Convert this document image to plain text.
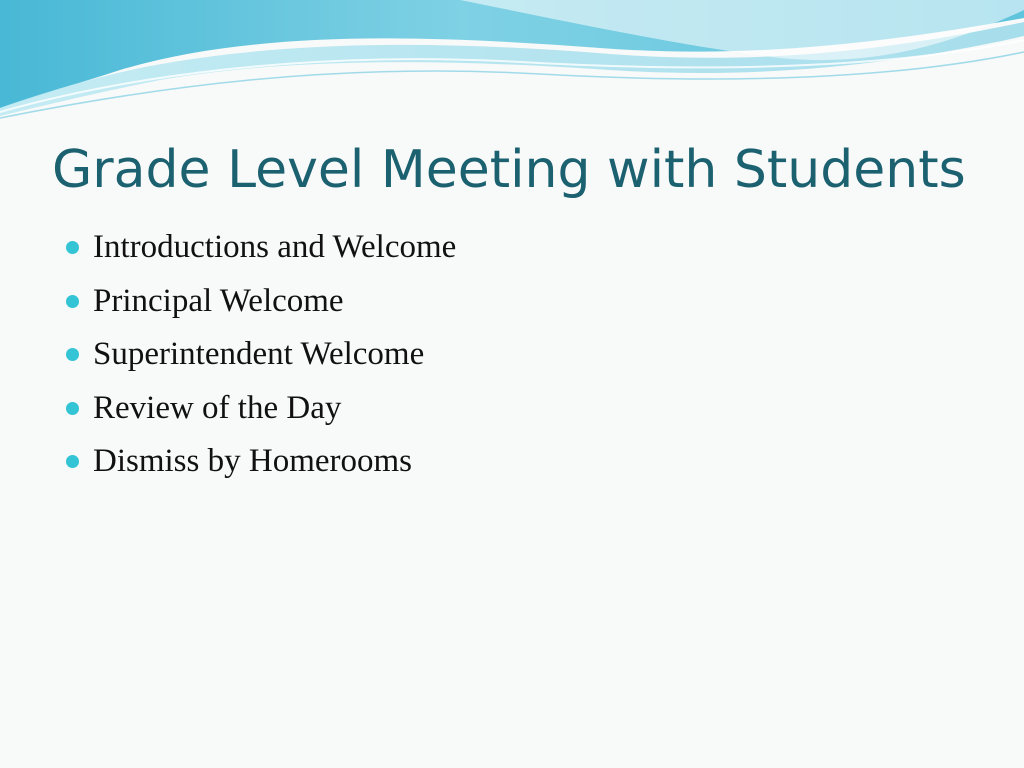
Grade Level Meeting with Students
Introductions and Welcome
Principal Welcome
Superintendent Welcome
Review of the Day
Dismiss by Homerooms
